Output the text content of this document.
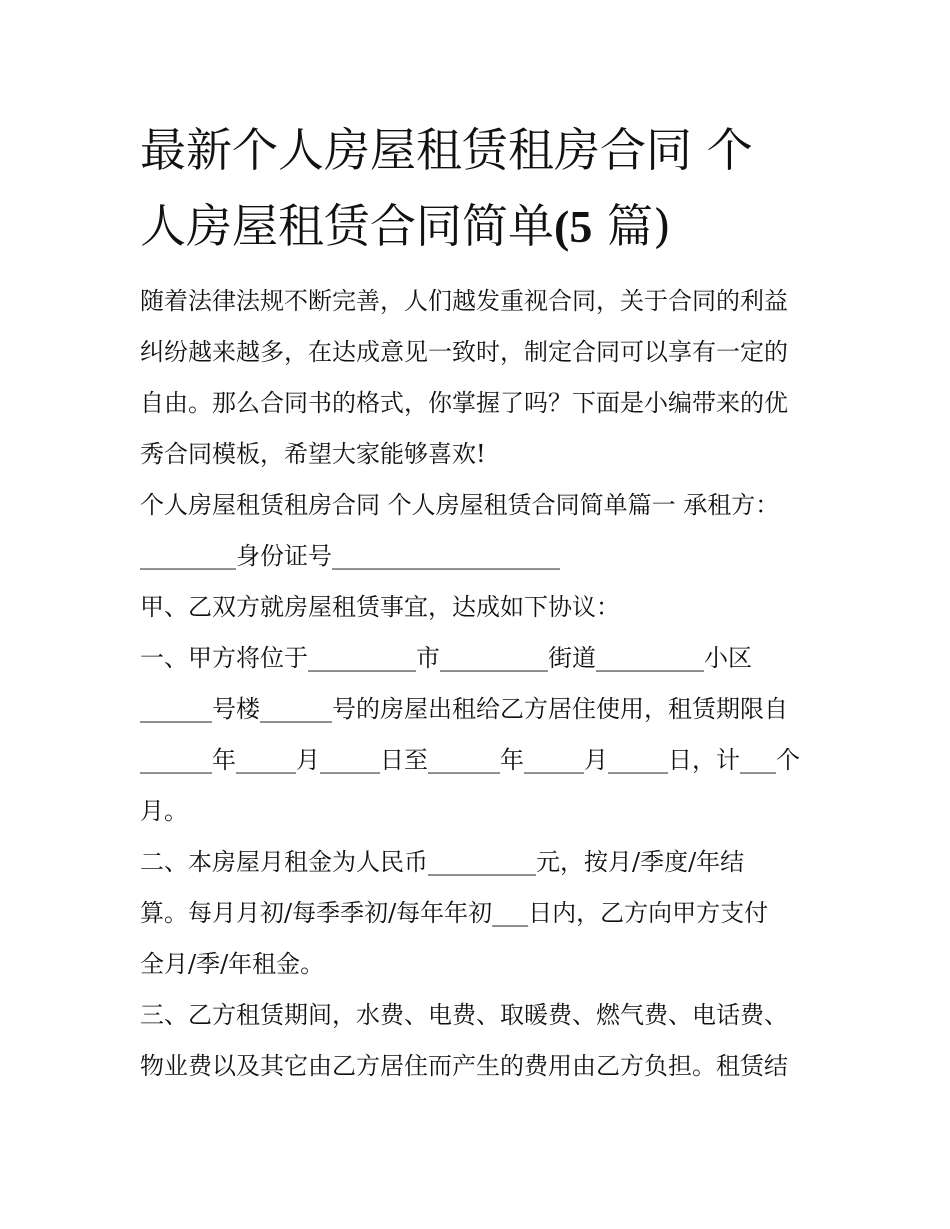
最新个人房屋租赁租房合同 个
人房屋租赁合同简单(5 篇)
随着法律法规不断完善，人们越发重视合同，关于合同的利益
纠纷越来越多，在达成意见一致时，制定合同可以享有一定的
自由。那么合同书的格式，你掌握了吗？下面是小编带来的优
秀合同模板，希望大家能够喜欢!
个人房屋租赁租房合同 个人房屋租赁合同简单篇一 承租方：
________身份证号___________________
甲、乙双方就房屋租赁事宜，达成如下协议：
一、甲方将位于_________市_________街道_________小区
______号楼______号的房屋出租给乙方居住使用，租赁期限自
______年_____月_____日至______年_____月_____日，计___个
月。
二、本房屋月租金为人民币_________元，按月/季度/年结
算。每月月初/每季季初/每年年初___日内，乙方向甲方支付
全月/季/年租金。
三、乙方租赁期间，水费、电费、取暖费、燃气费、电话费、
物业费以及其它由乙方居住而产生的费用由乙方负担。租赁结
